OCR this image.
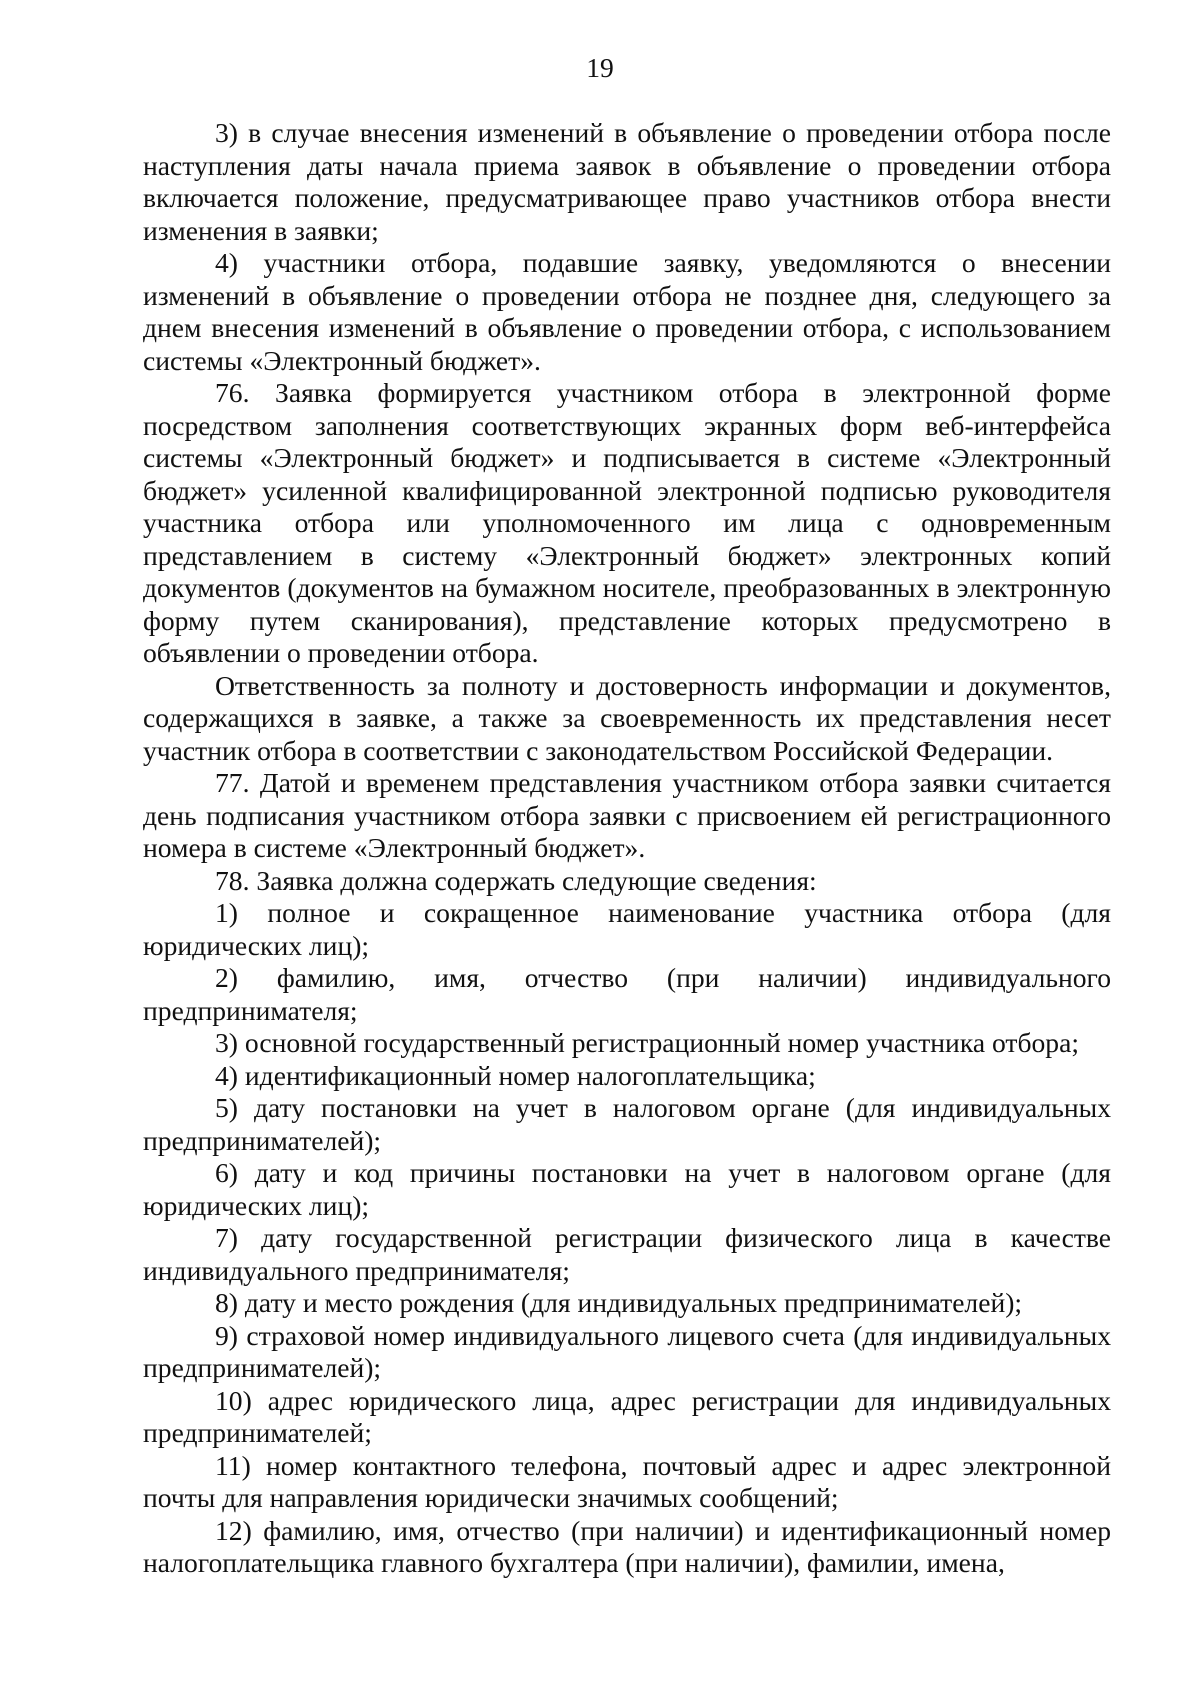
19

3) в случае внесения изменений в объявление о проведении отбора после наступления даты начала приема заявок в объявление о проведении отбора включается положение, предусматривающее право участников отбора внести изменения в заявки;

4) участники отбора, подавшие заявку, уведомляются о внесении изменений в объявление о проведении отбора не позднее дня, следующего за днем внесения изменений в объявление о проведении отбора, с использованием системы «Электронный бюджет».

76. Заявка формируется участником отбора в электронной форме посредством заполнения соответствующих экранных форм веб-интерфейса системы «Электронный бюджет» и подписывается в системе «Электронный бюджет» усиленной квалифицированной электронной подписью руководителя участника отбора или уполномоченного им лица с одновременным представлением в систему «Электронный бюджет» электронных копий документов (документов на бумажном носителе, преобразованных в электронную форму путем сканирования), представление которых предусмотрено в объявлении о проведении отбора.

Ответственность за полноту и достоверность информации и документов, содержащихся в заявке, а также за своевременность их представления несет участник отбора в соответствии с законодательством Российской Федерации.

77. Датой и временем представления участником отбора заявки считается день подписания участником отбора заявки с присвоением ей регистрационного номера в системе «Электронный бюджет».

78. Заявка должна содержать следующие сведения:

1) полное и сокращенное наименование участника отбора (для юридических лиц);

2) фамилию, имя, отчество (при наличии) индивидуального предпринимателя;

3) основной государственный регистрационный номер участника отбора;

4) идентификационный номер налогоплательщика;

5) дату постановки на учет в налоговом органе (для индивидуальных предпринимателей);

6) дату и код причины постановки на учет в налоговом органе (для юридических лиц);

7) дату государственной регистрации физического лица в качестве индивидуального предпринимателя;

8) дату и место рождения (для индивидуальных предпринимателей);

9) страховой номер индивидуального лицевого счета (для индивидуальных предпринимателей);

10) адрес юридического лица, адрес регистрации для индивидуальных предпринимателей;

11) номер контактного телефона, почтовый адрес и адрес электронной почты для направления юридически значимых сообщений;

12) фамилию, имя, отчество (при наличии) и идентификационный номер налогоплательщика главного бухгалтера (при наличии), фамилии, имена,
